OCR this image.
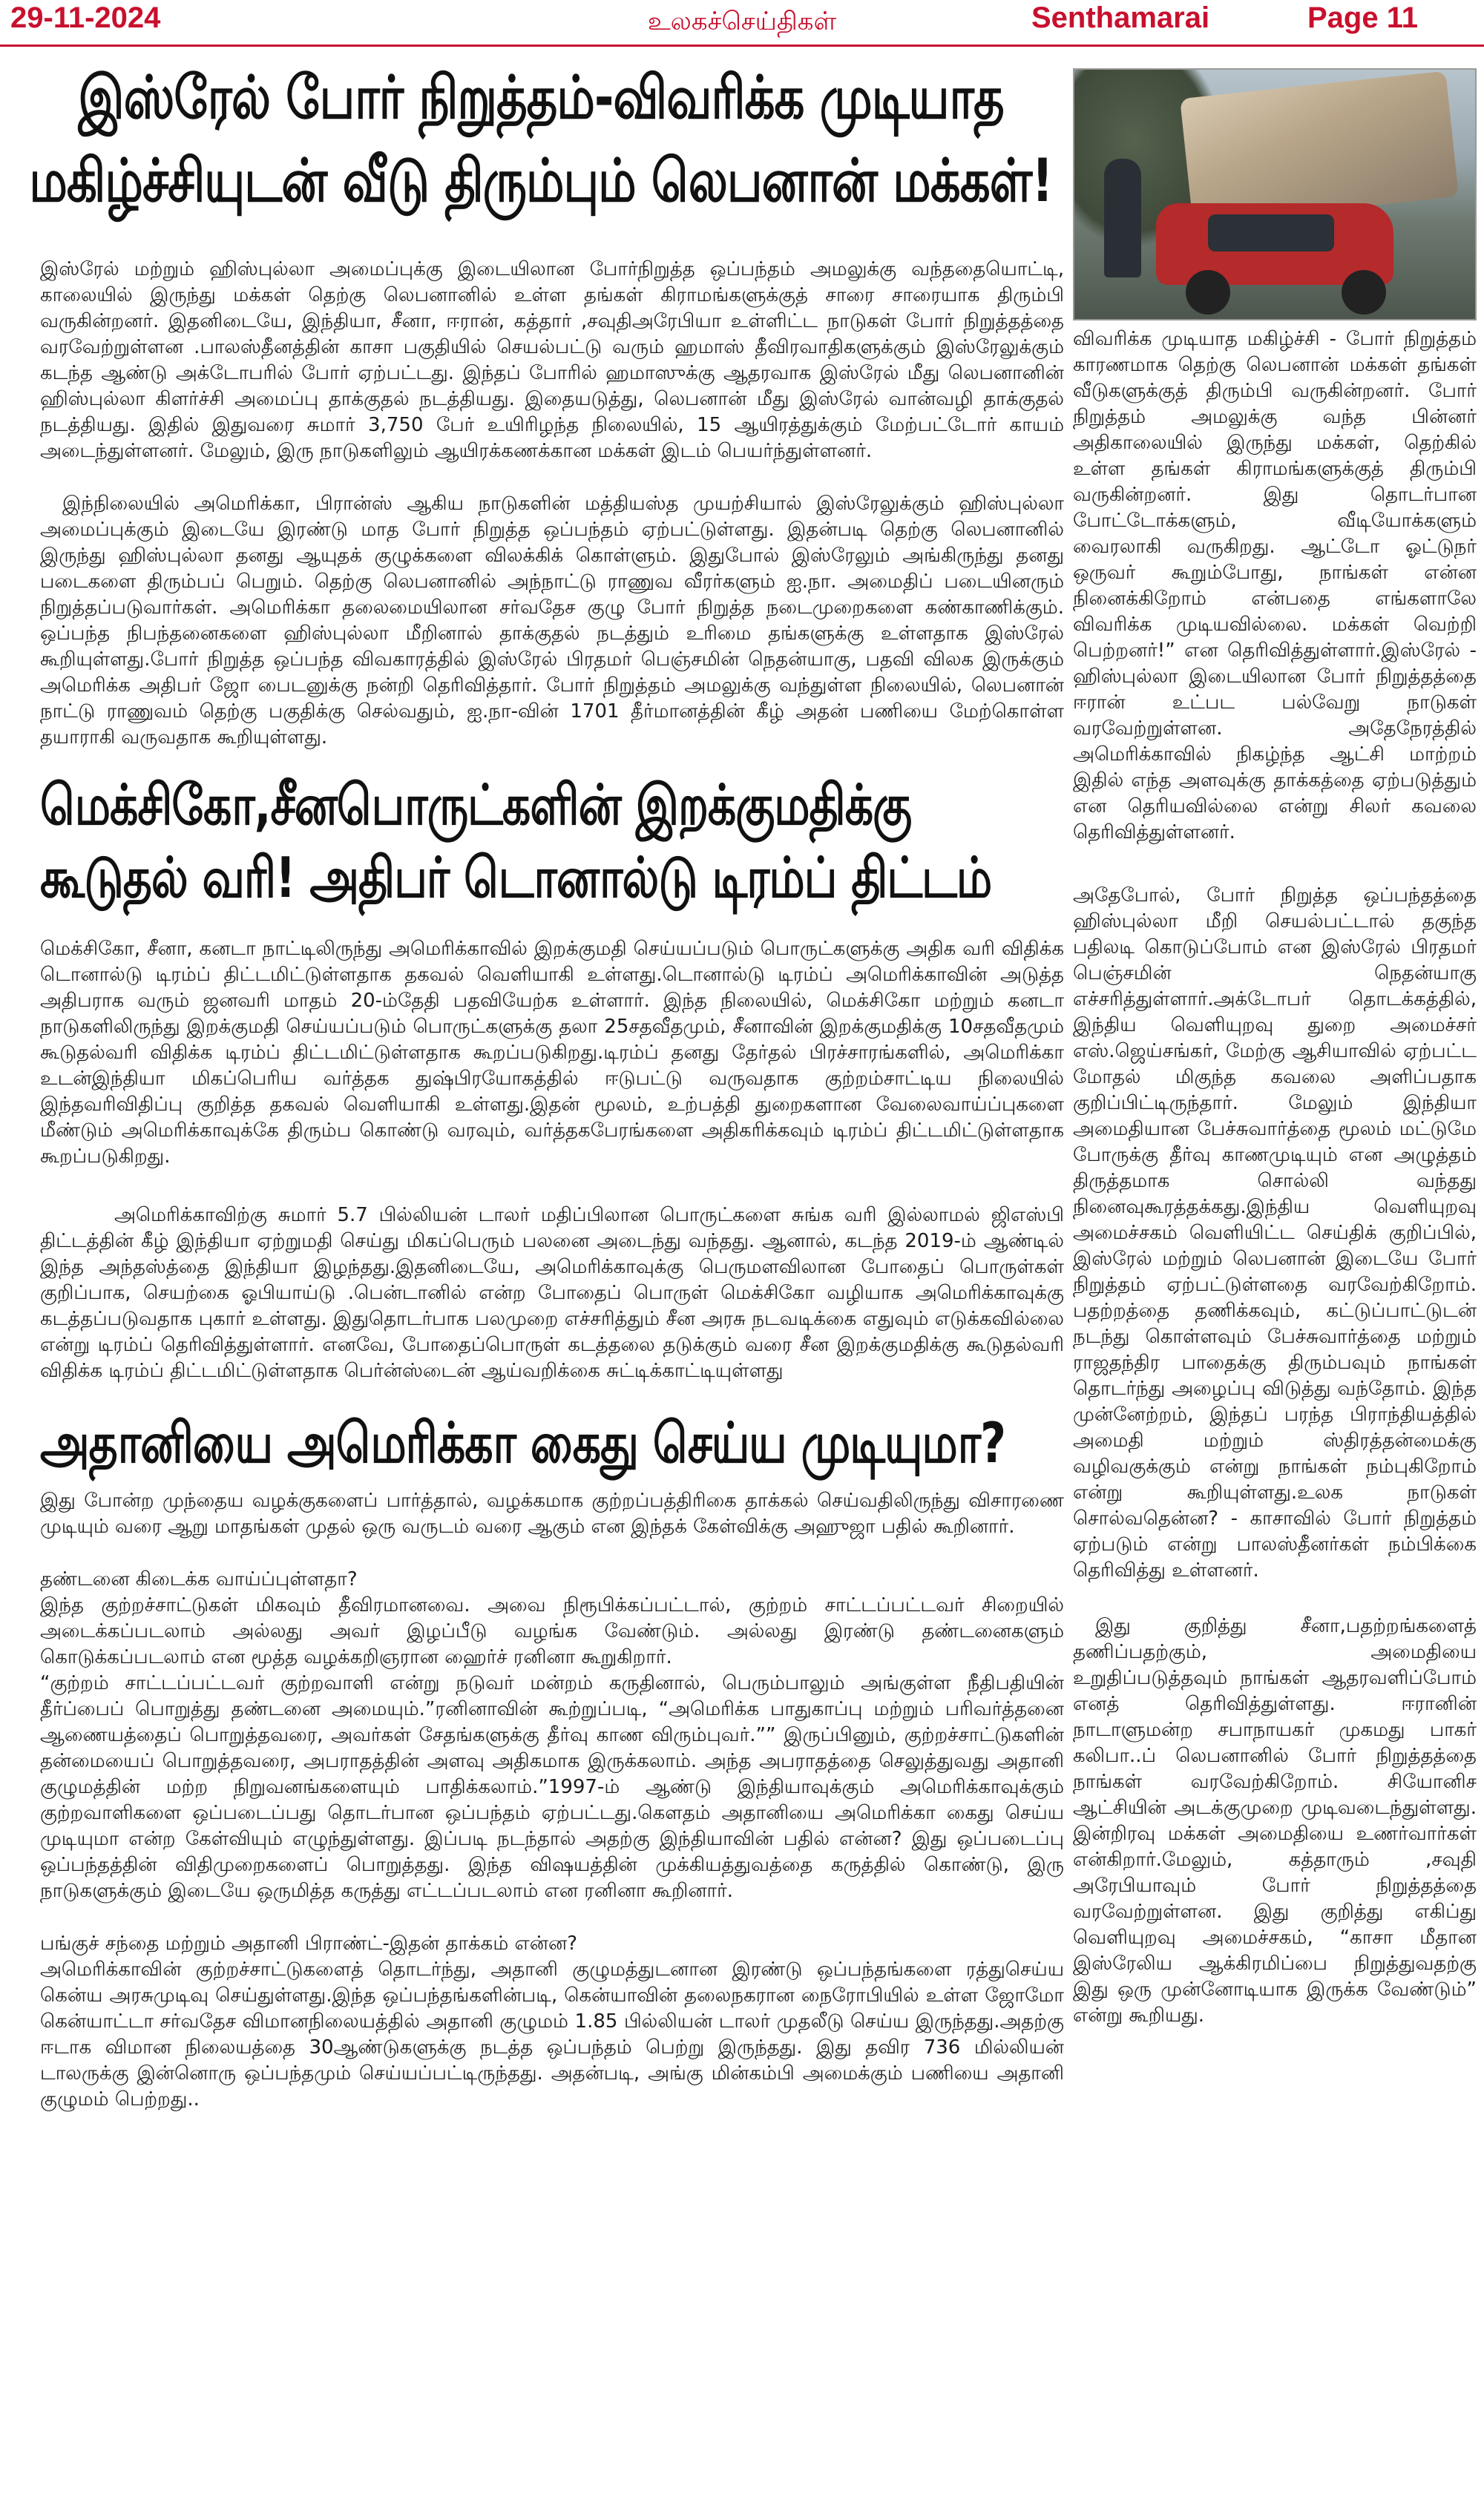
29-11-2024	உலகச்செய்திகள்	Senthamarai	Page 11
இஸ்ரேல் போர் நிறுத்தம்-விவரிக்க முடியாத
மகிழ்ச்சியுடன் வீடு திரும்பும் லெபனான் மக்கள்!

இஸ்ரேல் மற்றும் ஹிஸ்புல்லா அமைப்புக்கு இடையிலான போர்நிறுத்த ஒப்பந்தம் அமலுக்கு வந்ததையொட்டி, காலையில் இருந்து மக்கள் தெற்கு லெபனானில் உள்ள தங்கள் கிராமங்களுக்குத் சாரை சாரையாக திரும்பி வருகின்றனர். இதனிடையே, இந்தியா, சீனா, ஈரான், கத்தார் ,சவுதிஅரேபியா உள்ளிட்ட நாடுகள் போர் நிறுத்தத்தை வரவேற்றுள்ளன .பாலஸ்தீனத்தின் காசா பகுதியில் செயல்பட்டு வரும் ஹமாஸ் தீவிரவாதிகளுக்கும் இஸ்ரேலுக்கும் கடந்த ஆண்டு அக்டோபரில் போர் ஏற்பட்டது. இந்தப் போரில் ஹமாஸுக்கு ஆதரவாக இஸ்ரேல் மீது லெபனானின் ஹிஸ்புல்லா கிளர்ச்சி அமைப்பு தாக்குதல் நடத்தியது. இதையடுத்து, லெபனான் மீது இஸ்ரேல் வான்வழி தாக்குதல் நடத்தியது. இதில் இதுவரை சுமார் 3,750 பேர் உயிரிழந்த நிலையில், 15 ஆயிரத்துக்கும் மேற்பட்டோர் காயம் அடைந்துள்ளனர். மேலும், இரு நாடுகளிலும் ஆயிரக்கணக்கான மக்கள் இடம் பெயர்ந்துள்ளனர்.

இந்நிலையில் அமெரிக்கா, பிரான்ஸ் ஆகிய நாடுகளின் மத்தியஸ்த முயற்சியால் இஸ்ரேலுக்கும் ஹிஸ்புல்லா அமைப்புக்கும் இடையே இரண்டு மாத போர் நிறுத்த ஒப்பந்தம் ஏற்பட்டுள்ளது. இதன்படி தெற்கு லெபனானில் இருந்து ஹிஸ்புல்லா தனது ஆயுதக் குழுக்களை விலக்கிக் கொள்ளும். இதுபோல் இஸ்ரேலும் அங்கிருந்து தனது படைகளை திரும்பப் பெறும். தெற்கு லெபனானில் அந்நாட்டு ராணுவ வீரர்களும் ஐ.நா. அமைதிப் படையினரும் நிறுத்தப்படுவார்கள். அமெரிக்கா தலைமையிலான சர்வதேச குழு போர் நிறுத்த நடைமுறைகளை கண்காணிக்கும். ஒப்பந்த நிபந்தனைகளை ஹிஸ்புல்லா மீறினால் தாக்குதல் நடத்தும் உரிமை தங்களுக்கு உள்ளதாக இஸ்ரேல் கூறியுள்ளது.போர் நிறுத்த ஒப்பந்த விவகாரத்தில் இஸ்ரேல் பிரதமர் பெஞ்சமின் நெதன்யாகு, பதவி விலக இருக்கும் அமெரிக்க அதிபர் ஜோ பைடனுக்கு நன்றி தெரிவித்தார். போர் நிறுத்தம் அமலுக்கு வந்துள்ள நிலையில், லெபனான் நாட்டு ராணுவம் தெற்கு பகுதிக்கு செல்வதும், ஐ.நா-வின் 1701 தீர்மானத்தின் கீழ் அதன் பணியை மேற்கொள்ள தயாராகி வருவதாக கூறியுள்ளது.

மெக்சிகோ,சீனபொருட்களின் இறக்குமதிக்கு
கூடுதல் வரி! அதிபர் டொனால்டு டிரம்ப் திட்டம்

மெக்சிகோ, சீனா, கனடா நாட்டிலிருந்து அமெரிக்காவில் இறக்குமதி செய்யப்படும் பொருட்களுக்கு அதிக வரி விதிக்க டொனால்டு டிரம்ப் திட்டமிட்டுள்ளதாக தகவல் வெளியாகி உள்ளது.டொனால்டு டிரம்ப் அமெரிக்காவின் அடுத்த அதிபராக வரும் ஜனவரி மாதம் 20-ம்தேதி பதவியேற்க உள்ளார். இந்த நிலையில், மெக்சிகோ மற்றும் கனடா நாடுகளிலிருந்து இறக்குமதி செய்யப்படும் பொருட்களுக்கு தலா 25சதவீதமும், சீனாவின் இறக்குமதிக்கு 10சதவீதமும் கூடுதல்வரி விதிக்க டிரம்ப் திட்டமிட்டுள்ளதாக கூறப்படுகிறது.டிரம்ப் தனது தேர்தல் பிரச்சாரங்களில், அமெரிக்கா உடன்இந்தியா மிகப்பெரிய வர்த்தக துஷ்பிரயோகத்தில் ஈடுபட்டு வருவதாக குற்றம்சாட்டிய நிலையில் இந்தவரிவிதிப்பு குறித்த தகவல் வெளியாகி உள்ளது.இதன் மூலம், உற்பத்தி துறைகளான வேலைவாய்ப்புகளை மீண்டும் அமெரிக்காவுக்கே திரும்ப கொண்டு வரவும், வர்த்தகபேரங்களை அதிகரிக்கவும் டிரம்ப் திட்டமிட்டுள்ளதாக கூறப்படுகிறது.

அமெரிக்காவிற்கு சுமார் 5.7 பில்லியன் டாலர் மதிப்பிலான பொருட்களை சுங்க வரி இல்லாமல் ஜிஎஸ்பி திட்டத்தின் கீழ் இந்தியா ஏற்றுமதி செய்து மிகப்பெரும் பலனை அடைந்து வந்தது. ஆனால், கடந்த 2019-ம் ஆண்டில் இந்த அந்தஸ்த்தை இந்தியா இழந்தது.இதனிடையே, அமெரிக்காவுக்கு பெருமளவிலான போதைப் பொருள்கள் குறிப்பாக, செயற்கை ஓபியாய்டு .பென்டானில் என்ற போதைப் பொருள் மெக்சிகோ வழியாக அமெரிக்காவுக்கு கடத்தப்படுவதாக புகார் உள்ளது. இதுதொடர்பாக பலமுறை எச்சரித்தும் சீன அரசு நடவடிக்கை எதுவும் எடுக்கவில்லை என்று டிரம்ப் தெரிவித்துள்ளார். எனவே, போதைப்பொருள் கடத்தலை தடுக்கும் வரை சீன இறக்குமதிக்கு கூடுதல்வரி விதிக்க டிரம்ப் திட்டமிட்டுள்ளதாக பெர்ன்ஸ்டைன் ஆய்வறிக்கை சுட்டிக்காட்டியுள்ளது

அதானியை அமெரிக்கா கைது செய்ய முடியுமா?

இது போன்ற முந்தைய வழக்குகளைப் பார்த்தால், வழக்கமாக குற்றப்பத்திரிகை தாக்கல் செய்வதிலிருந்து விசாரணை முடியும் வரை ஆறு மாதங்கள் முதல் ஒரு வருடம் வரை ஆகும் என இந்தக் கேள்விக்கு அஹுஜா பதில் கூறினார்.

தண்டனை கிடைக்க வாய்ப்புள்ளதா?

இந்த குற்றச்சாட்டுகள் மிகவும் தீவிரமானவை. அவை நிரூபிக்கப்பட்டால், குற்றம் சாட்டப்பட்டவர் சிறையில் அடைக்கப்படலாம் அல்லது அவர் இழப்பீடு வழங்க வேண்டும். அல்லது இரண்டு தண்டனைகளும் கொடுக்கப்படலாம் என மூத்த வழக்கறிஞரான ஹைர்ச் ரனினா கூறுகிறார்.

“குற்றம் சாட்டப்பட்டவர் குற்றவாளி என்று நடுவர் மன்றம் கருதினால், பெரும்பாலும் அங்குள்ள நீதிபதியின் தீர்ப்பைப் பொறுத்து தண்டனை அமையும்.”ரனினாவின் கூற்றுப்படி, “அமெரிக்க பாதுகாப்பு மற்றும் பரிவர்த்தனை ஆணையத்தைப் பொறுத்தவரை, அவர்கள் சேதங்களுக்கு தீர்வு காண விரும்புவர்.”” இருப்பினும், குற்றச்சாட்டுகளின் தன்மையைப் பொறுத்தவரை, அபராதத்தின் அளவு அதிகமாக இருக்கலாம். அந்த அபராதத்தை செலுத்துவது அதானி குழுமத்தின் மற்ற நிறுவனங்களையும் பாதிக்கலாம்.”1997-ம் ஆண்டு இந்தியாவுக்கும் அமெரிக்காவுக்கும் குற்றவாளிகளை ஒப்படைப்பது தொடர்பான ஒப்பந்தம் ஏற்பட்டது.கௌதம் அதானியை அமெரிக்கா கைது செய்ய முடியுமா என்ற கேள்வியும் எழுந்துள்ளது. இப்படி நடந்தால் அதற்கு இந்தியாவின் பதில் என்ன? இது ஒப்படைப்பு ஒப்பந்தத்தின் விதிமுறைகளைப் பொறுத்தது. இந்த விஷயத்தின் முக்கியத்துவத்தை கருத்தில் கொண்டு, இரு நாடுகளுக்கும் இடையே ஒருமித்த கருத்து எட்டப்படலாம் என ரனினா கூறினார்.

பங்குச் சந்தை மற்றும் அதானி பிராண்ட்-இதன் தாக்கம் என்ன?

அமெரிக்காவின் குற்றச்சாட்டுகளைத் தொடர்ந்து, அதானி குழுமத்துடனான இரண்டு ஒப்பந்தங்களை ரத்துசெய்ய கென்ய அரசுமுடிவு செய்துள்ளது.இந்த ஒப்பந்தங்களின்படி, கென்யாவின் தலைநகரான நைரோபியில் உள்ள ஜோமோ கென்யாட்டா சர்வதேச விமானநிலையத்தில் அதானி குழுமம் 1.85 பில்லியன் டாலர் முதலீடு செய்ய இருந்தது.அதற்கு ஈடாக விமான நிலையத்தை 30ஆண்டுகளுக்கு நடத்த ஒப்பந்தம் பெற்று இருந்தது. இது தவிர 736 மில்லியன் டாலருக்கு இன்னொரு ஒப்பந்தமும் செய்யப்பட்டிருந்தது. அதன்படி, அங்கு மின்கம்பி அமைக்கும் பணியை அதானி குழுமம் பெற்றது..

விவரிக்க முடியாத மகிழ்ச்சி - போர் நிறுத்தம் காரணமாக தெற்கு லெபனான் மக்கள் தங்கள் வீடுகளுக்குத் திரும்பி வருகின்றனர். போர் நிறுத்தம் அமலுக்கு வந்த பின்னர் அதிகாலையில் இருந்து மக்கள், தெற்கில் உள்ள தங்கள் கிராமங்களுக்குத் திரும்பி வருகின்றனர். இது தொடர்பான போட்டோக்களும், வீடியோக்களும் வைரலாகி வருகிறது. ஆட்டோ ஓட்டுநர் ஒருவர் கூறும்போது, நாங்கள் என்ன நினைக்கிறோம் என்பதை எங்களாலே விவரிக்க முடியவில்லை. மக்கள் வெற்றி பெற்றனர்!” என தெரிவித்துள்ளார்.இஸ்ரேல் - ஹிஸ்புல்லா இடையிலான போர் நிறுத்தத்தை ஈரான் உட்பட பல்வேறு நாடுகள் வரவேற்றுள்ளன. அதேநேரத்தில் அமெரிக்காவில் நிகழ்ந்த ஆட்சி மாற்றம் இதில் எந்த அளவுக்கு தாக்கத்தை ஏற்படுத்தும் என தெரியவில்லை என்று சிலர் கவலை தெரிவித்துள்ளனர்.

அதேபோல், போர் நிறுத்த ஒப்பந்தத்தை ஹிஸ்புல்லா மீறி செயல்பட்டால் தகுந்த பதிலடி கொடுப்போம் என இஸ்ரேல் பிரதமர் பெஞ்சமின் நெதன்யாகு எச்சரித்துள்ளார்.அக்டோபர் தொடக்கத்தில், இந்திய வெளியுறவு துறை அமைச்சர் எஸ்.ஜெய்சங்கர், மேற்கு ஆசியாவில் ஏற்பட்ட மோதல் மிகுந்த கவலை அளிப்பதாக குறிப்பிட்டிருந்தார். மேலும் இந்தியா அமைதியான பேச்சுவார்த்தை மூலம் மட்டுமே போருக்கு தீர்வு காணமுடியும் என அழுத்தம் திருத்தமாக சொல்லி வந்தது நினைவுகூரத்தக்கது.இந்திய வெளியுறவு அமைச்சகம் வெளியிட்ட செய்திக் குறிப்பில், இஸ்ரேல் மற்றும் லெபனான் இடையே போர் நிறுத்தம் ஏற்பட்டுள்ளதை வரவேற்கிறோம். பதற்றத்தை தணிக்கவும், கட்டுப்பாட்டுடன் நடந்து கொள்ளவும் பேச்சுவார்த்தை மற்றும் ராஜதந்திர பாதைக்கு திரும்பவும் நாங்கள் தொடர்ந்து அழைப்பு விடுத்து வந்தோம். இந்த முன்னேற்றம், இந்தப் பரந்த பிராந்தியத்தில் அமைதி மற்றும் ஸ்திரத்தன்மைக்கு வழிவகுக்கும் என்று நாங்கள் நம்புகிறோம் என்று கூறியுள்ளது.உலக நாடுகள் சொல்வதென்ன? - காசாவில் போர் நிறுத்தம் ஏற்படும் என்று பாலஸ்தீனர்கள் நம்பிக்கை தெரிவித்து உள்ளனர்.

இது குறித்து சீனா,பதற்றங்களைத் தணிப்பதற்கும், அமைதியை உறுதிப்படுத்தவும் நாங்கள் ஆதரவளிப்போம் எனத் தெரிவித்துள்ளது. ஈரானின் நாடாளுமன்ற சபாநாயகர் முகமது பாகர் கலிபா..ப் லெபனானில் போர் நிறுத்தத்தை நாங்கள் வரவேற்கிறோம். சியோனிச ஆட்சியின் அடக்குமுறை முடிவடைந்துள்ளது. இன்றிரவு மக்கள் அமைதியை உணர்வார்கள் என்கிறார்.மேலும், கத்தாரும் ,சவுதி அரேபியாவும் போர் நிறுத்தத்தை வரவேற்றுள்ளன. இது குறித்து எகிப்து வெளியுறவு அமைச்சகம், “காசா மீதான இஸ்ரேலிய ஆக்கிரமிப்பை நிறுத்துவதற்கு இது ஒரு முன்னோடியாக இருக்க வேண்டும்” என்று கூறியது.
